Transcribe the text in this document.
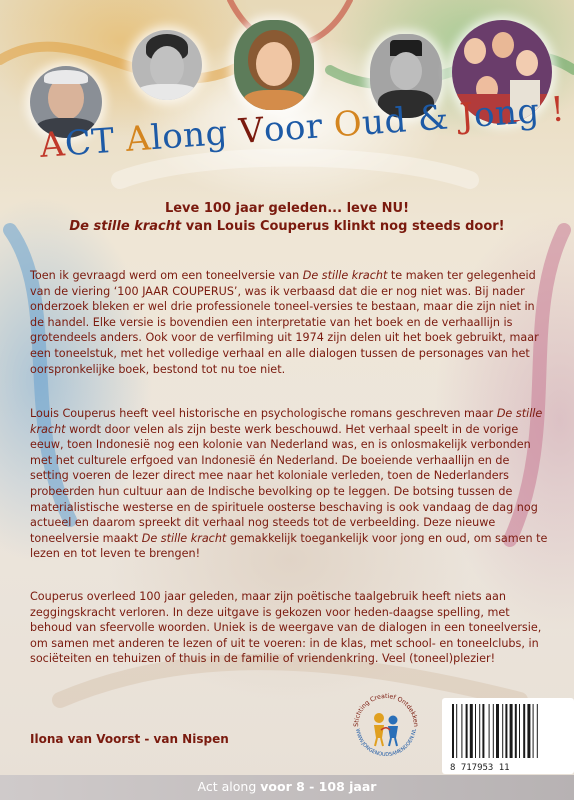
ACT Along Voor Oud & Jong !
Leve 100 jaar geleden... leve NU!
De stille kracht van Louis Couperus klinkt nog steeds door!

Toen ik gevraagd werd om een toneelversie van De stille kracht te maken ter gelegenheid van de viering ‘100 JAAR COUPERUS’, was ik verbaasd dat die er nog niet was. Bij nader onderzoek bleken er wel drie professionele toneel-versies te bestaan, maar die zijn niet in de handel. Elke versie is bovendien een interpretatie van het boek en de verhaallijn is grotendeels anders. Ook voor de verfilming uit 1974 zijn delen uit het boek gebruikt, maar een toneelstuk, met het volledige verhaal en alle dialogen tussen de personages van het oorspronkelijke boek, bestond tot nu toe niet.

Louis Couperus heeft veel historische en psychologische romans geschreven maar De stille kracht wordt door velen als zijn beste werk beschouwd. Het verhaal speelt in de vorige eeuw, toen Indonesië nog een kolonie van Nederland was, en is onlosmakelijk verbonden met het culturele erfgoed van Indonesië én Nederland. De boeiende verhaallijn en de setting voeren de lezer direct mee naar het koloniale verleden, toen de Nederlanders probeerden hun cultuur aan de Indische bevolking op te leggen. De botsing tussen de materialistische westerse en de spirituele oosterse beschaving is ook vandaag de dag nog actueel en daarom spreekt dit verhaal nog steeds tot de verbeelding. Deze nieuwe toneelversie maakt De stille kracht gemakkelijk toegankelijk voor jong en oud, om samen te lezen en tot leven te brengen!

Couperus overleed 100 jaar geleden, maar zijn poëtische taalgebruik heeft niets aan zeggingskracht verloren. In deze uitgave is gekozen voor heden-daagse spelling, met behoud van sfeervolle woorden. Uniek is de weergave van de dialogen in een toneelversie, om samen met anderen te lezen of uit te voeren: in de klas, met school- en toneelclubs, in sociëteiten en tehuizen of thuis in de familie of vriendenkring. Veel (toneel)plezier!

Stichting Creatief Ontdekken
WWW.JONGENOUDSAMENDOEN.NL
8 717953 11
Ilona van Voorst - van Nispen
Act along voor 8 - 108 jaar
